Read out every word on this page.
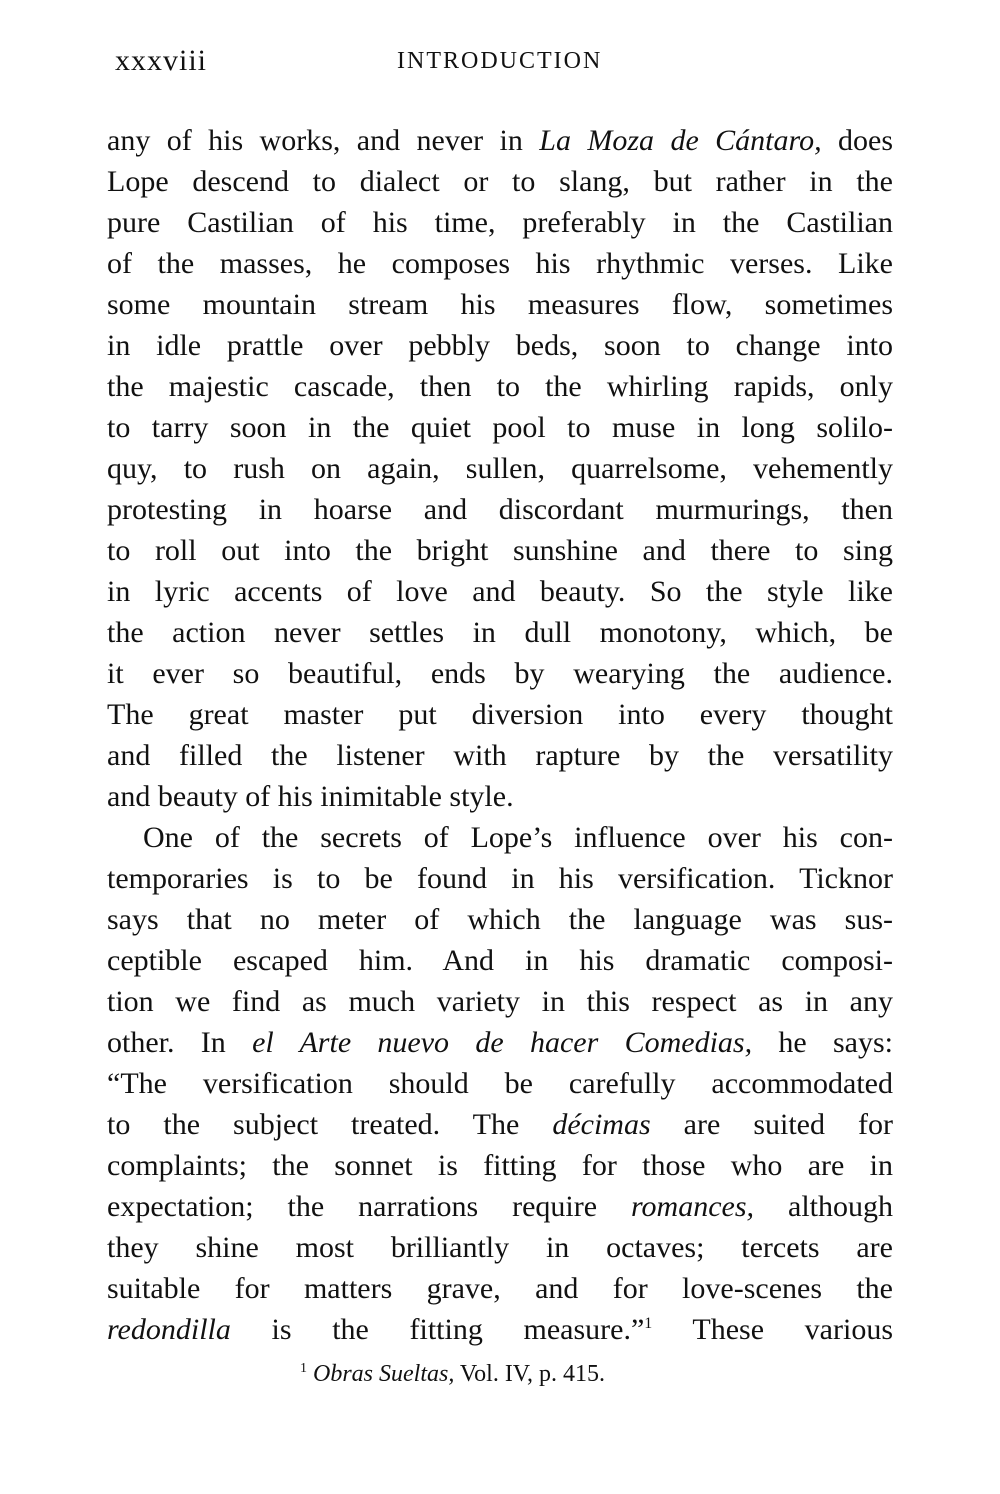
xxxviii	INTRODUCTION
any of his works, and never in La Moza de Cántaro, does
Lope descend to dialect or to slang, but rather in the
pure Castilian of his time, preferably in the Castilian
of the masses, he composes his rhythmic verses. Like
some mountain stream his measures flow, sometimes
in idle prattle over pebbly beds, soon to change into
the majestic cascade, then to the whirling rapids, only
to tarry soon in the quiet pool to muse in long solilo-
quy, to rush on again, sullen, quarrelsome, vehemently
protesting in hoarse and discordant murmurings, then
to roll out into the bright sunshine and there to sing
in lyric accents of love and beauty. So the style like
the action never settles in dull monotony, which, be
it ever so beautiful, ends by wearying the audience.
The great master put diversion into every thought
and filled the listener with rapture by the versatility
and beauty of his inimitable style.
One of the secrets of Lope’s influence over his con-
temporaries is to be found in his versification. Ticknor
says that no meter of which the language was sus-
ceptible escaped him. And in his dramatic composi-
tion we find as much variety in this respect as in any
other. In el Arte nuevo de hacer Comedias, he says:
“The versification should be carefully accommodated
to the subject treated. The décimas are suited for
complaints; the sonnet is fitting for those who are in
expectation; the narrations require romances, although
they shine most brilliantly in octaves; tercets are
suitable for matters grave, and for love-scenes the
redondilla is the fitting measure.”$^1$ These various
$^1$ Obras Sueltas, Vol. IV, p. 415.
